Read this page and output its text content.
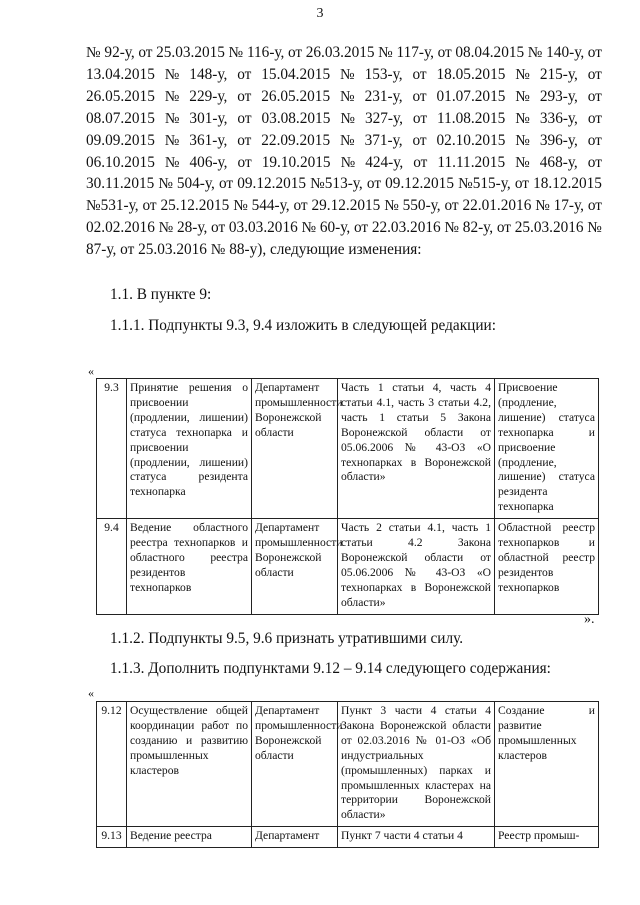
3
№ 92-у, от 25.03.2015 № 116-у, от 26.03.2015 № 117-у, от 08.04.2015 № 140-у, от
13.04.2015 № 148-у, от 15.04.2015 № 153-у, от 18.05.2015 № 215-у, от
26.05.2015 № 229-у, от 26.05.2015 № 231-у, от 01.07.2015 № 293-у, от
08.07.2015 № 301-у, от 03.08.2015 № 327-у, от 11.08.2015 № 336-у, от
09.09.2015 № 361-у, от 22.09.2015 № 371-у, от 02.10.2015 № 396-у, от
06.10.2015 № 406-у, от 19.10.2015 № 424-у, от 11.11.2015 № 468-у, от
30.11.2015 № 504-у, от 09.12.2015 №513-у, от 09.12.2015 №515-у, от 18.12.2015
№531-у, от 25.12.2015 № 544-у, от 29.12.2015 № 550-у, от 22.01.2016 № 17-у, от
02.02.2016 № 28-у, от 03.03.2016 № 60-у, от 22.03.2016 № 82-у, от 25.03.2016 №
87-у, от 25.03.2016 № 88-у), следующие изменения:
1.1. В пункте 9:
1.1.1. Подпункты 9.3, 9.4 изложить в следующей редакции:
«
9.3	Принятие решения о присвоении (продлении, лишении) статуса технопарка и присвоении (продлении, лишении) статуса резидента технопарка	Департамент промышленности Воронежской области	Часть 1 статьи 4, часть 4 статьи 4.1, часть 3 статьи 4.2, часть 1 статьи 5 Закона Воронежской области от 05.06.2006 № 43-ОЗ «О технопарках в Воронежской области»	Присвоение (продление, лишение) статуса технопарка и присвоение (продление, лишение) статуса резидента технопарка
9.4	Ведение областного реестра технопарков и областного реестра резидентов технопарков	Департамент промышленности Воронежской области	Часть 2 статьи 4.1, часть 1 статьи 4.2 Закона Воронежской области от 05.06.2006 № 43-ОЗ «О технопарках в Воронежской области»	Областной реестр технопарков и областной реестр резидентов технопарков
».
1.1.2. Подпункты 9.5, 9.6 признать утратившими силу.
1.1.3. Дополнить подпунктами 9.12 – 9.14 следующего содержания:
«
9.12	Осуществление общей координации работ по созданию и развитию промышленных кластеров	Департамент промышленности Воронежской области	Пункт 3 части 4 статьи 4 Закона Воронежской области от 02.03.2016 № 01-ОЗ «Об индустриальных (промышленных) парках и промышленных кластерах на территории Воронежской области»	Создание и развитие промышленных кластеров
9.13	Ведение реестра	Департамент	Пункт 7 части 4 статьи 4	Реестр промыш-
